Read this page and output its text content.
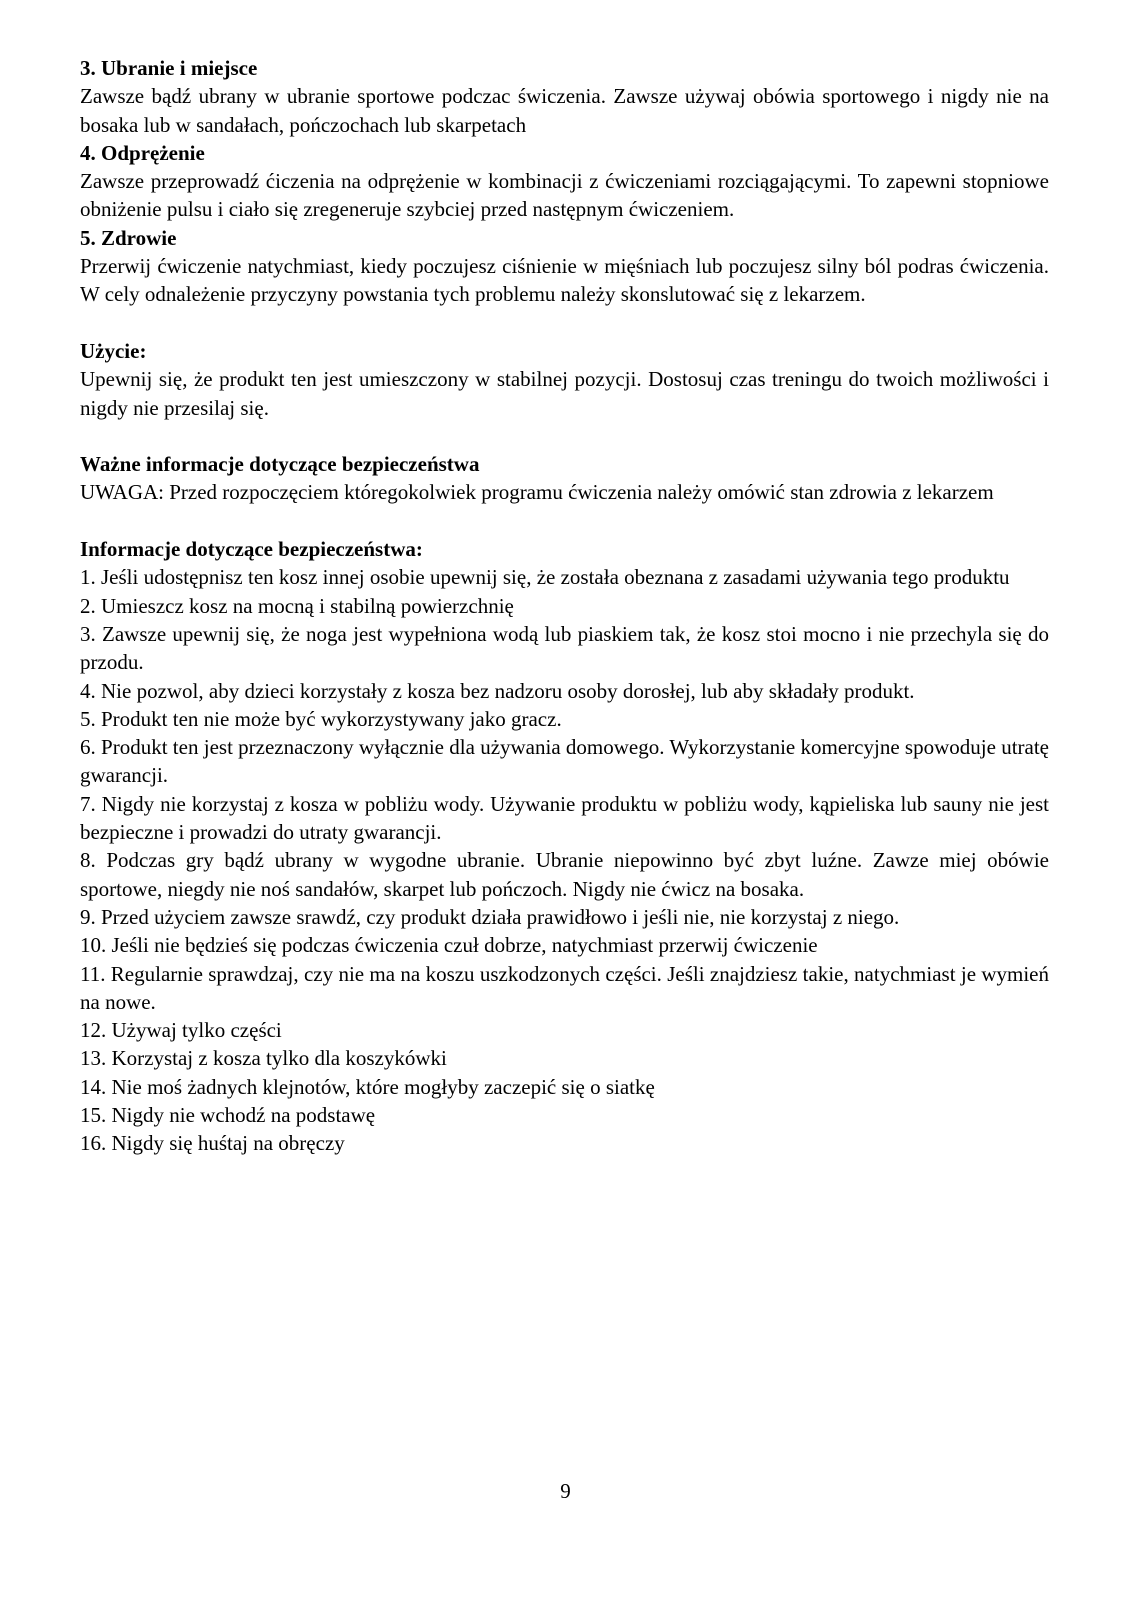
3. Ubranie i miejsce

Zawsze bądź ubrany w ubranie sportowe podczac świczenia. Zawsze używaj obówia sportowego i nigdy nie na bosaka lub w sandałach, pończochach lub skarpetach

4. Odprężenie

Zawsze przeprowadź ćiczenia na odprężenie w kombinacji z ćwiczeniami rozciągającymi. To zapewni stopniowe obniżenie pulsu i ciało się zregeneruje szybciej przed następnym ćwiczeniem.

5. Zdrowie

Przerwij ćwiczenie natychmiast, kiedy poczujesz ciśnienie w mięśniach lub poczujesz silny ból podras ćwiczenia. W cely odnależenie przyczyny powstania tych problemu należy skonslutować się z lekarzem.

Użycie:

Upewnij się, że produkt ten jest umieszczony w stabilnej pozycji. Dostosuj czas treningu do twoich możliwości i nigdy nie przesilaj się.

Ważne informacje dotyczące bezpieczeństwa

UWAGA: Przed rozpoczęciem któregokolwiek programu ćwiczenia należy omówić stan zdrowia z lekarzem

Informacje dotyczące bezpieczeństwa:

1. Jeśli udostępnisz ten kosz innej osobie upewnij się, że została obeznana z zasadami używania tego produktu

2. Umieszcz kosz na mocną i stabilną powierzchnię

3. Zawsze upewnij się, że noga jest wypełniona wodą lub piaskiem tak, że kosz stoi mocno i nie przechyla się do przodu.

4. Nie pozwol, aby dzieci korzystały z kosza bez nadzoru osoby dorosłej, lub aby składały produkt.

5. Produkt ten nie może być wykorzystywany jako gracz.

6. Produkt ten jest przeznaczony wyłącznie dla używania domowego. Wykorzystanie komercyjne spowoduje utratę gwarancji.

7. Nigdy nie korzystaj z kosza w pobliżu wody. Używanie produktu w pobliżu wody, kąpieliska lub sauny nie jest bezpieczne i prowadzi do utraty gwarancji.

8. Podczas gry bądź ubrany w wygodne ubranie. Ubranie niepowinno być zbyt luźne. Zawze miej obówie sportowe, niegdy nie noś sandałów, skarpet lub pończoch. Nigdy nie ćwicz na bosaka.

9. Przed użyciem zawsze srawdź, czy produkt działa prawidłowo i jeśli nie, nie korzystaj z niego.

10. Jeśli nie będzieś się podczas ćwiczenia czuł dobrze, natychmiast przerwij ćwiczenie

11. Regularnie sprawdzaj, czy nie ma na koszu uszkodzonych części. Jeśli znajdziesz takie, natychmiast je wymień na nowe.

12. Używaj tylko części

13. Korzystaj z kosza tylko dla koszykówki

14. Nie moś żadnych klejnotów, które mogłyby zaczepić się o siatkę

15. Nigdy nie wchodź na podstawę

16. Nigdy się huśtaj na obręczy

9
